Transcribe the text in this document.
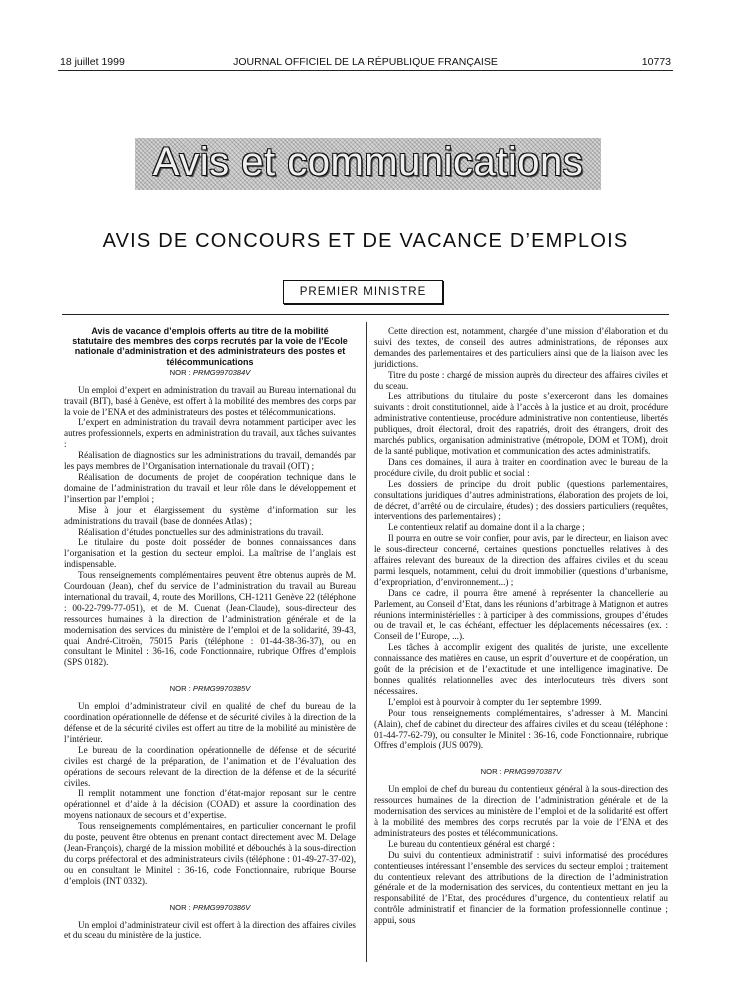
18 juillet 1999	JOURNAL OFFICIEL DE LA RÉPUBLIQUE FRANÇAISE	10773
Avis et communications
AVIS DE CONCOURS ET DE VACANCE D’EMPLOIS
PREMIER MINISTRE

Avis de vacance d’emplois offerts au titre de la mobilité statutaire des membres des corps recrutés par la voie de l’Ecole nationale d’administration et des administrateurs des postes et télécommunications

NOR : PRMG9970384V

Un emploi d’expert en administration du travail au Bureau international du travail (BIT), basé à Genève, est offert à la mobilité des membres des corps par la voie de l’ENA et des administrateurs des postes et télécommunications.

L’expert en administration du travail devra notamment participer avec les autres professionnels, experts en administration du travail, aux tâches suivantes :

Réalisation de diagnostics sur les administrations du travail, demandés par les pays membres de l’Organisation internationale du travail (OIT) ;

Réalisation de documents de projet de coopération technique dans le domaine de l’administration du travail et leur rôle dans le développement et l’insertion par l’emploi ;

Mise à jour et élargissement du système d’information sur les administrations du travail (base de données Atlas) ;

Réalisation d’études ponctuelles sur des administrations du travail.

Le titulaire du poste doit posséder de bonnes connaissances dans l’organisation et la gestion du secteur emploi. La maîtrise de l’anglais est indispensable.

Tous renseignements complémentaires peuvent être obtenus auprès de M. Courdouan (Jean), chef du service de l’administration du travail au Bureau international du travail, 4, route des Morillons, CH-1211 Genève 22 (téléphone : 00-22-799-77-051), et de M. Cuenat (Jean-Claude), sous-directeur des ressources humaines à la direction de l’administration générale et de la modernisation des services du ministère de l’emploi et de la solidarité, 39-43, quai André-Citroën, 75015 Paris (téléphone : 01-44-38-36-37), ou en consultant le Minitel : 36-16, code Fonctionnaire, rubrique Offres d’emplois (SPS 0182).

NOR : PRMG9970385V

Un emploi d’administrateur civil en qualité de chef du bureau de la coordination opérationnelle de défense et de sécurité civiles à la direction de la défense et de la sécurité civiles est offert au titre de la mobilité au ministère de l’intérieur.

Le bureau de la coordination opérationnelle de défense et de sécurité civiles est chargé de la préparation, de l’animation et de l’évaluation des opérations de secours relevant de la direction de la défense et de la sécurité civiles.

Il remplit notamment une fonction d’état-major reposant sur le centre opérationnel et d’aide à la décision (COAD) et assure la coordination des moyens nationaux de secours et d’expertise.

Tous renseignements complémentaires, en particulier concernant le profil du poste, peuvent être obtenus en prenant contact directement avec M. Delage (Jean-François), chargé de la mission mobilité et débouchés à la sous-direction du corps préfectoral et des administrateurs civils (téléphone : 01-49-27-37-02), ou en consultant le Minitel : 36-16, code Fonctionnaire, rubrique Bourse d’emplois (INT 0332).

NOR : PRMG9970386V

Un emploi d’administrateur civil est offert à la direction des affaires civiles et du sceau du ministère de la justice.

Cette direction est, notamment, chargée d’une mission d’élaboration et du suivi des textes, de conseil des autres administrations, de réponses aux demandes des parlementaires et des particuliers ainsi que de la liaison avec les juridictions.

Titre du poste : chargé de mission auprès du directeur des affaires civiles et du sceau.

Les attributions du titulaire du poste s’exerceront dans les domaines suivants : droit constitutionnel, aide à l’accès à la justice et au droit, procédure administrative contentieuse, procédure administrative non contentieuse, libertés publiques, droit électoral, droit des rapatriés, droit des étrangers, droit des marchés publics, organisation administrative (métropole, DOM et TOM), droit de la santé publique, motivation et communication des actes administratifs.

Dans ces domaines, il aura à traiter en coordination avec le bureau de la procédure civile, du droit public et social :

Les dossiers de principe du droit public (questions parlementaires, consultations juridiques d’autres administrations, élaboration des projets de loi, de décret, d’arrêté ou de circulaire, études) ; des dossiers particuliers (requêtes, interventions des parlementaires) ;

Le contentieux relatif au domaine dont il a la charge ;

Il pourra en outre se voir confier, pour avis, par le directeur, en liaison avec le sous-directeur concerné, certaines questions ponctuelles relatives à des affaires relevant des bureaux de la direction des affaires civiles et du sceau parmi lesquels, notamment, celui du droit immobilier (questions d’urbanisme, d’expropriation, d’environnement...) ;

Dans ce cadre, il pourra être amené à représenter la chancellerie au Parlement, au Conseil d’Etat, dans les réunions d’arbitrage à Matignon et autres réunions interministérielles : à participer à des commissions, groupes d’études ou de travail et, le cas échéant, effectuer les déplacements nécessaires (ex. : Conseil de l’Europe, ...).

Les tâches à accomplir exigent des qualités de juriste, une excellente connaissance des matières en cause, un esprit d’ouverture et de coopération, un goût de la précision et de l’exactitude et une intelligence imaginative. De bonnes qualités relationnelles avec des interlocuteurs très divers sont nécessaires.

L’emploi est à pourvoir à compter du 1er septembre 1999.

Pour tous renseignements complémentaires, s’adresser à M. Mancini (Alain), chef de cabinet du directeur des affaires civiles et du sceau (téléphone : 01-44-77-62-79), ou consulter le Minitel : 36-16, code Fonctionnaire, rubrique Offres d’emplois (JUS 0079).

NOR : PRMG9970387V

Un emploi de chef du bureau du contentieux général à la sous-direction des ressources humaines de la direction de l’administration générale et de la modernisation des services au ministère de l’emploi et de la solidarité est offert à la mobilité des membres des corps recrutés par la voie de l’ENA et des administrateurs des postes et télécommunications.

Le bureau du contentieux général est chargé :

Du suivi du contentieux administratif : suivi informatisé des procédures contentieuses intéressant l’ensemble des services du secteur emploi ; traitement du contentieux relevant des attributions de la direction de l’administration générale et de la modernisation des services, du contentieux mettant en jeu la responsabilité de l’Etat, des procédures d’urgence, du contentieux relatif au contrôle administratif et financier de la formation professionnelle continue ; appui, sous
